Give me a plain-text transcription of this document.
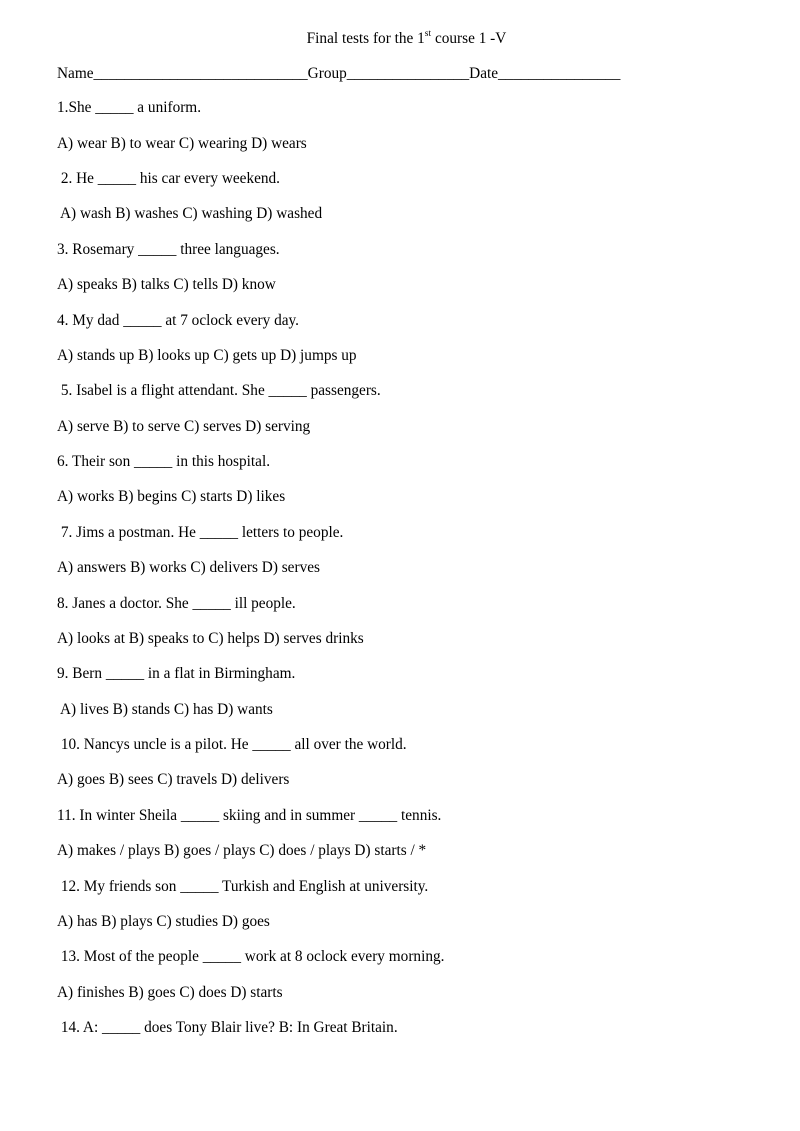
Final tests for the 1st course 1 -V
Name____________________________Group________________Date________________
1.She _____ a uniform.
A) wear B) to wear C) wearing D) wears
2. He _____ his car every weekend.
A) wash B) washes C) washing D) washed
3. Rosemary _____ three languages.
A) speaks B) talks C) tells D) know
4. My dad _____ at 7 oclock every day.
A) stands up B) looks up C) gets up D) jumps up
5. Isabel is a flight attendant. She _____ passengers.
A) serve B) to serve C) serves D) serving
6. Their son _____ in this hospital.
A) works B) begins C) starts D) likes
7. Jims a postman. He _____ letters to people.
A) answers B) works C) delivers D) serves
8. Janes a doctor. She _____ ill people.
A) looks at B) speaks to C) helps D) serves drinks
9. Bern _____ in a flat in Birmingham.
A) lives B) stands C) has D) wants
10. Nancys uncle is a pilot. He _____ all over the world.
A) goes B) sees C) travels D) delivers
11. In winter Sheila _____ skiing and in summer _____ tennis.
A) makes / plays B) goes / plays C) does / plays D) starts / *
12. My friends son _____ Turkish and English at university.
A) has B) plays C) studies D) goes
13. Most of the people _____ work at 8 oclock every morning.
A) finishes B) goes C) does D) starts
14. A: _____ does Tony Blair live? B: In Great Britain.
